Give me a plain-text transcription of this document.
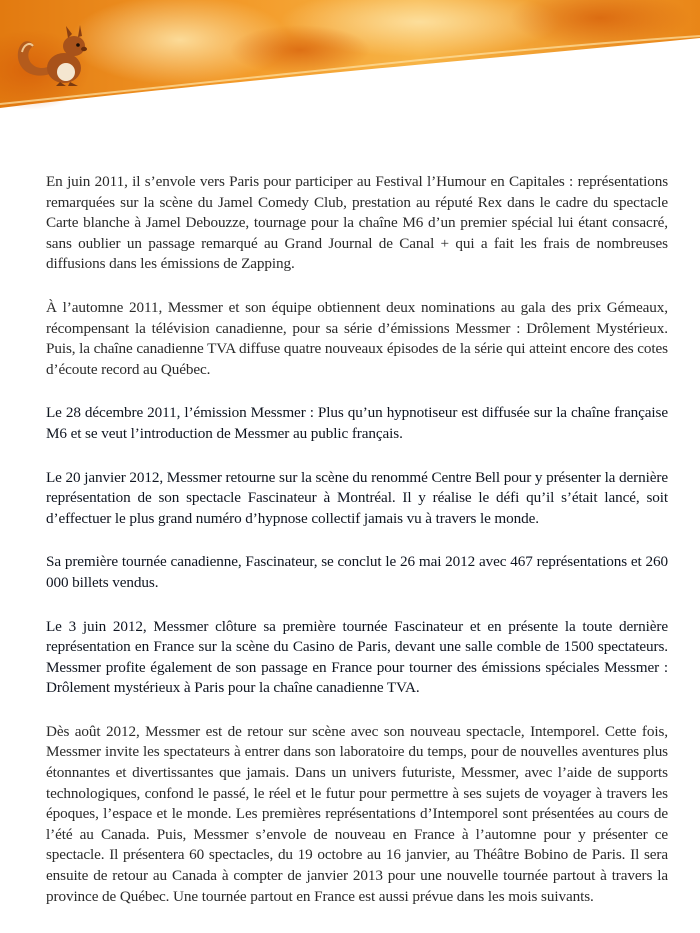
En juin 2011, il s’envole vers Paris pour participer au Festival l’Humour en Capitales : représentations remarquées sur la scène du Jamel Comedy Club, prestation au réputé Rex dans le cadre du spectacle Carte blanche à Jamel Debouzze, tournage pour la chaîne M6 d’un premier spécial lui étant consacré, sans oublier un passage remarqué au Grand Journal de Canal + qui a fait les frais de nombreuses diffusions dans les émissions de Zapping.

À l’automne 2011, Messmer et son équipe obtiennent deux nominations au gala des prix Gémeaux, récompensant la télévision canadienne, pour sa série d’émissions Messmer : Drôlement Mystérieux. Puis, la chaîne canadienne TVA diffuse quatre nouveaux épisodes de la série qui atteint encore des cotes d’écoute record au Québec.

Le 28 décembre 2011, l’émission Messmer : Plus qu’un hypnotiseur est diffusée sur la chaîne française M6 et se veut l’introduction de Messmer au public français.

Le 20 janvier 2012, Messmer retourne sur la scène du renommé Centre Bell pour y présenter la dernière représentation de son spectacle Fascinateur à Montréal. Il y réalise le défi qu’il s’était lancé, soit d’effectuer le plus grand numéro d’hypnose collectif jamais vu à travers le monde.

Sa première tournée canadienne, Fascinateur, se conclut le 26 mai 2012 avec 467 représentations et 260 000 billets vendus.

Le 3 juin 2012, Messmer clôture sa première tournée Fascinateur et en présente la toute dernière représentation en France sur la scène du Casino de Paris, devant une salle comble de 1500 spectateurs. Messmer profite également de son passage en France pour tourner des émissions spéciales Messmer : Drôlement mystérieux à Paris pour la chaîne canadienne TVA.

Dès août 2012, Messmer est de retour sur scène avec son nouveau spectacle, Intemporel. Cette fois, Messmer invite les spectateurs à entrer dans son laboratoire du temps, pour de nouvelles aventures plus étonnantes et divertissantes que jamais. Dans un univers futuriste, Messmer, avec l’aide de supports technologiques, confond le passé, le réel et le futur pour permettre à ses sujets de voyager à travers les époques, l’espace et le monde. Les premières représentations d’Intemporel sont présentées au cours de l’été au Canada. Puis, Messmer s’envole de nouveau en France à l’automne pour y présenter ce spectacle. Il présentera 60 spectacles, du 19 octobre au 16 janvier, au Théâtre Bobino de Paris. Il sera ensuite de retour au Canada à compter de janvier 2013 pour une nouvelle tournée partout à travers la province de Québec. Une tournée partout en France est aussi prévue dans les mois suivants.
